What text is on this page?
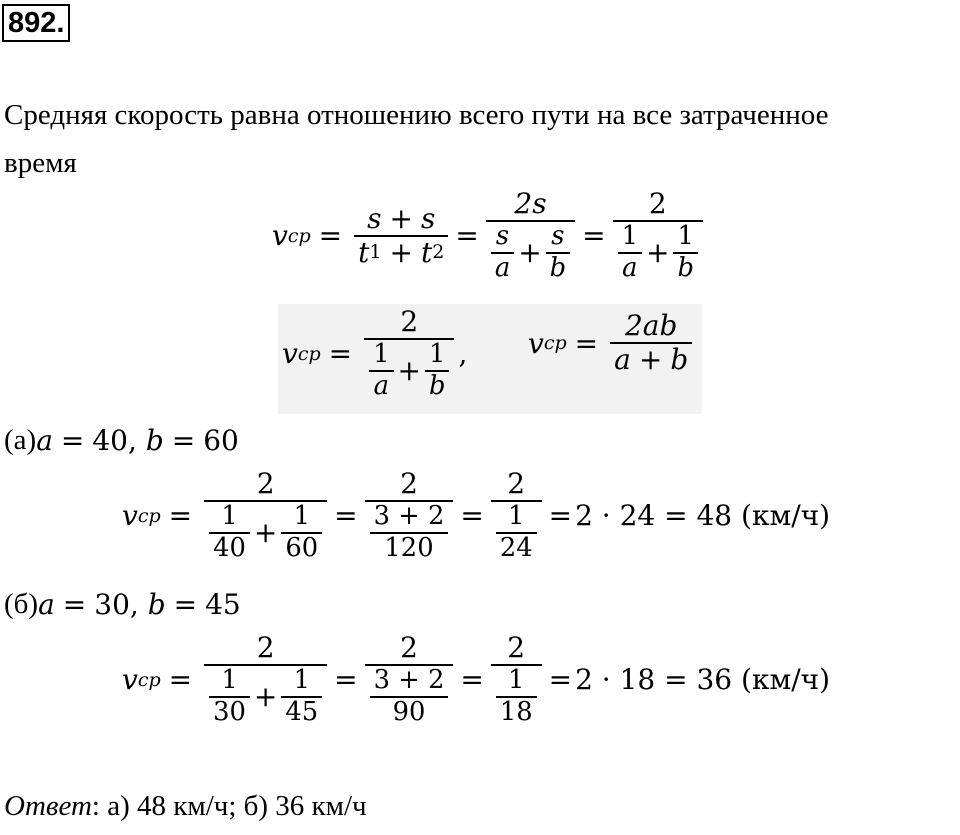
892.
Средняя скорость равна отношению всего пути на все затраченное
время
v cp = $\frac{s + s}{t 1 + t 2} = \frac{2s}{\frac{s}{a} + \frac{s}{b}} = \frac{2}{\frac{1}{a} + \frac{1}{b}}$
v cp = $\frac{2}{\frac{1}{a} + \frac{1}{b}}$ , v cp = $\frac{2ab}{a + b}$
(а) a = 40 ,
b = 60
v cp = $\frac{2}{\frac{1}{40} + \frac{1}{60}} = \frac{2}{\frac{3 + 2}{120}} = \frac{2}{\frac{1}{24}} = 2 \cdot 24 = 48$ (км/ч)
(б) a = 30 ,
b = 45
v cp = $\frac{2}{\frac{1}{30} + \frac{1}{45}} = \frac{2}{\frac{3 + 2}{90}} = \frac{2}{\frac{1}{18}} = 2 \cdot 18 = 36$ (км/ч)
Ответ: а) 48 км/ч; б) 36 км/ч
